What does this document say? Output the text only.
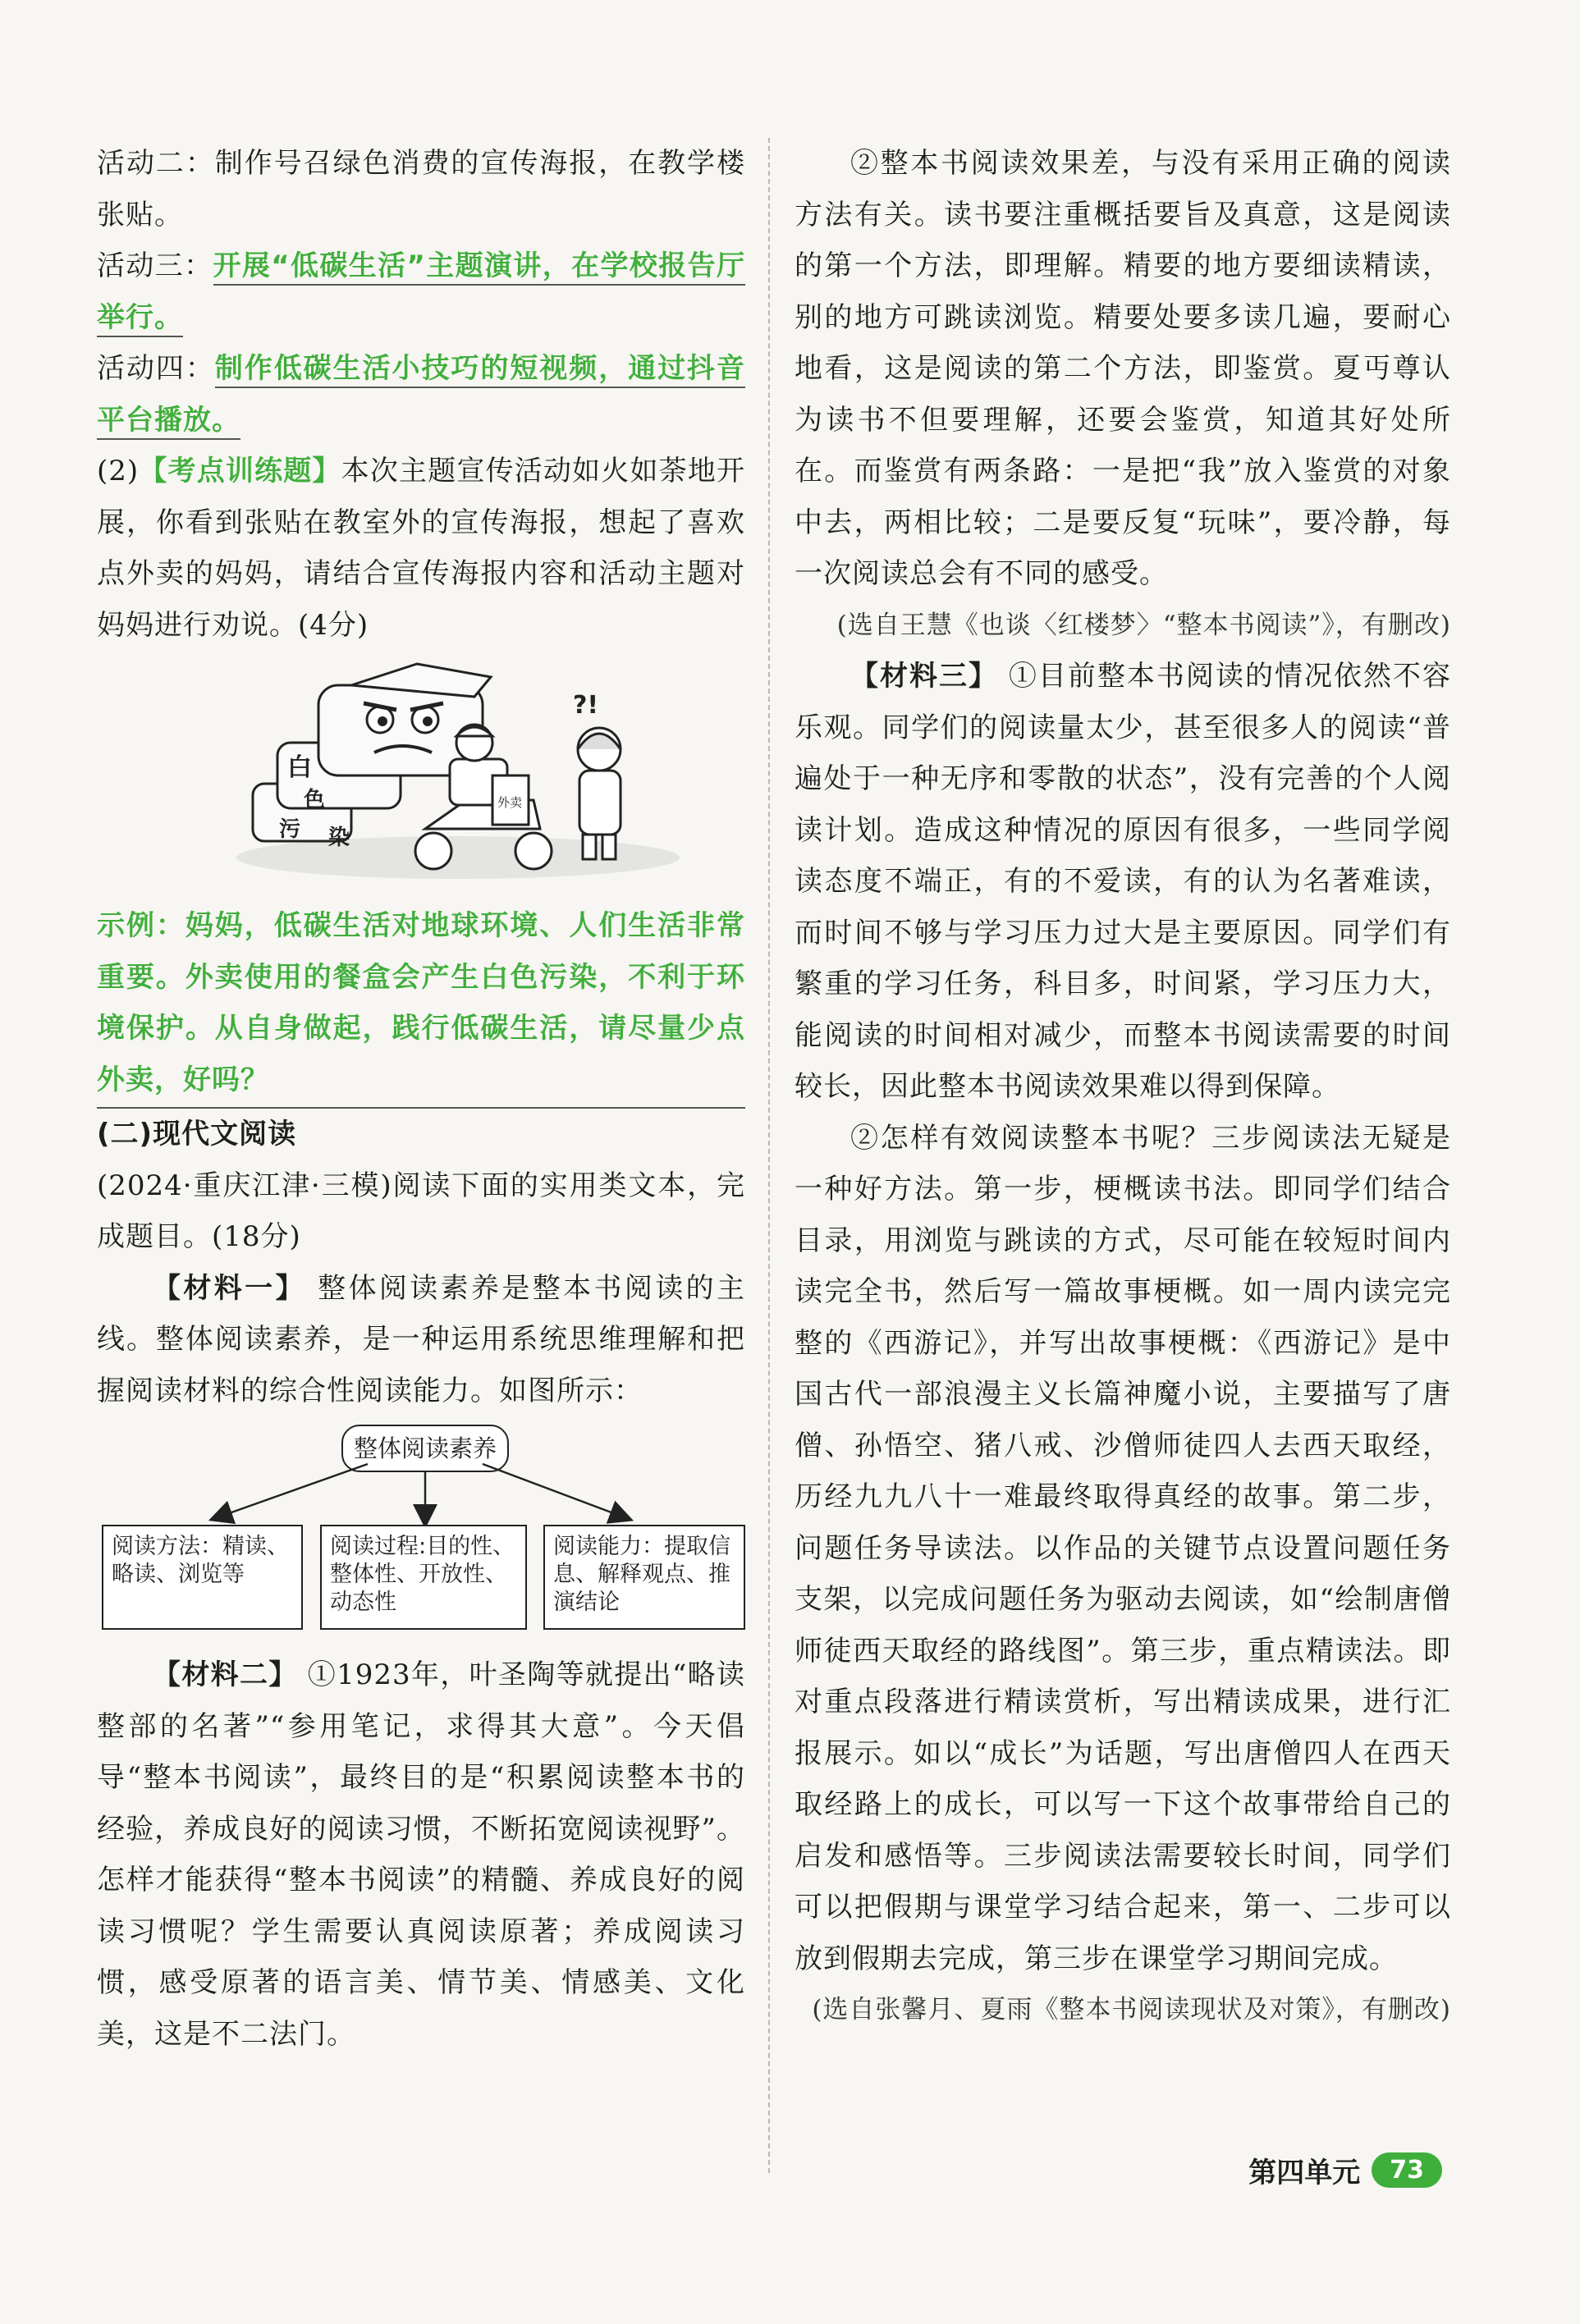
活动二：制作号召绿色消费的宣传海报，在教学楼张贴。

活动三：开展“低碳生活”主题演讲，在学校报告厅举行。

活动四：制作低碳生活小技巧的短视频，通过抖音平台播放。

(2)【考点训练题】本次主题宣传活动如火如荼地开展，你看到张贴在教室外的宣传海报，想起了喜欢点外卖的妈妈，请结合宣传海报内容和活动主题对妈妈进行劝说。(4分)

白
色
污 染
外卖
?!

示例：妈妈，低碳生活对地球环境、人们生活非常重要。外卖使用的餐盒会产生白色污染，不利于环境保护。从自身做起，践行低碳生活，请尽量少点外卖，好吗？

(二)现代文阅读

(2024·重庆江津·三模)阅读下面的实用类文本，完成题目。(18分)

【材料一】 整体阅读素养是整本书阅读的主线。整体阅读素养，是一种运用系统思维理解和把握阅读材料的综合性阅读能力。如图所示：

整体阅读素养
阅读方法：精读、略读、浏览等
阅读过程:目的性、整体性、开放性、动态性
阅读能力：提取信息、解释观点、推演结论

【材料二】 ①1923年，叶圣陶等就提出“略读整部的名著”“参用笔记，求得其大意”。今天倡导“整本书阅读”，最终目的是“积累阅读整本书的经验，养成良好的阅读习惯，不断拓宽阅读视野”。怎样才能获得“整本书阅读”的精髓、养成良好的阅读习惯呢？学生需要认真阅读原著；养成阅读习惯，感受原著的语言美、情节美、情感美、文化美，这是不二法门。

②整本书阅读效果差，与没有采用正确的阅读方法有关。读书要注重概括要旨及真意，这是阅读的第一个方法，即理解。精要的地方要细读精读，别的地方可跳读浏览。精要处要多读几遍，要耐心地看，这是阅读的第二个方法，即鉴赏。夏丏尊认为读书不但要理解，还要会鉴赏，知道其好处所在。而鉴赏有两条路：一是把“我”放入鉴赏的对象中去，两相比较；二是要反复“玩味”，要冷静，每一次阅读总会有不同的感受。

(选自王慧《也谈〈红楼梦〉“整本书阅读”》，有删改)

【材料三】 ①目前整本书阅读的情况依然不容乐观。同学们的阅读量太少，甚至很多人的阅读“普遍处于一种无序和零散的状态”，没有完善的个人阅读计划。造成这种情况的原因有很多，一些同学阅读态度不端正，有的不爱读，有的认为名著难读，而时间不够与学习压力过大是主要原因。同学们有繁重的学习任务，科目多，时间紧，学习压力大，能阅读的时间相对减少，而整本书阅读需要的时间较长，因此整本书阅读效果难以得到保障。

②怎样有效阅读整本书呢？三步阅读法无疑是一种好方法。第一步，梗概读书法。即同学们结合目录，用浏览与跳读的方式，尽可能在较短时间内读完全书，然后写一篇故事梗概。如一周内读完完整的《西游记》，并写出故事梗概：《西游记》是中国古代一部浪漫主义长篇神魔小说，主要描写了唐僧、孙悟空、猪八戒、沙僧师徒四人去西天取经，历经九九八十一难最终取得真经的故事。第二步，问题任务导读法。以作品的关键节点设置问题任务支架，以完成问题任务为驱动去阅读，如“绘制唐僧师徒西天取经的路线图”。第三步，重点精读法。即对重点段落进行精读赏析，写出精读成果，进行汇报展示。如以“成长”为话题，写出唐僧四人在西天取经路上的成长，可以写一下这个故事带给自己的启发和感悟等。三步阅读法需要较长时间，同学们可以把假期与课堂学习结合起来，第一、二步可以放到假期去完成，第三步在课堂学习期间完成。

(选自张馨月、夏雨《整本书阅读现状及对策》，有删改)

第四单元	73
